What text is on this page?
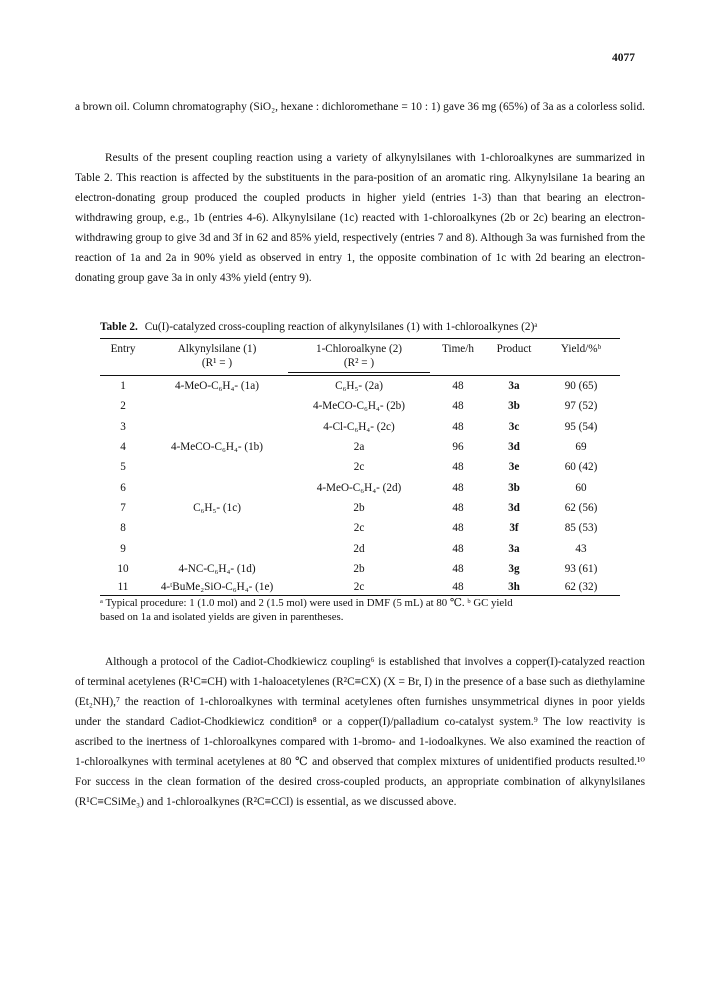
4077

a brown oil. Column chromatography (SiO₂, hexane : dichloromethane = 10 : 1) gave 36 mg (65%) of 3a as a colorless solid.

Results of the present coupling reaction using a variety of alkynylsilanes with 1-chloroalkynes are summarized in Table 2. This reaction is affected by the substituents in the para-position of an aromatic ring. Alkynylsilane 1a bearing an electron-donating group produced the coupled products in higher yield (entries 1-3) than that bearing an electron-withdrawing group, e.g., 1b (entries 4-6). Alkynylsilane (1c) reacted with 1-chloroalkynes (2b or 2c) bearing an electron-withdrawing group to give 3d and 3f in 62 and 85% yield, respectively (entries 7 and 8). Although 3a was furnished from the reaction of 1a and 2a in 90% yield as observed in entry 1, the opposite combination of 1c with 2d bearing an electron-donating group gave 3a in only 43% yield (entry 9).

Table 2. Cu(I)-catalyzed cross-coupling reaction of alkynylsilanes (1) with 1-chloroalkynes (2)ᵃ
Entry	Alkynylsilane (1)	1-Chloroalkyne (2)	Time/h	Product	Yield/%ᵇ
	(R¹ = )	(R² = )			

1	4-MeO-C₆H₄- (1a)	C₆H₅- (2a)	48	3a	90 (65)
2		4-MeCO-C₆H₄- (2b)	48	3b	97 (52)
3		4-Cl-C₆H₄- (2c)	48	3c	95 (54)
4	4-MeCO-C₆H₄- (1b)	2a	96	3d	69
5		2c	48	3e	60 (42)
6		4-MeO-C₆H₄- (2d)	48	3b	60
7	C₆H₅- (1c)	2b	48	3d	62 (56)
8		2c	48	3f	85 (53)
9		2d	48	3a	43
10	4-NC-C₆H₄- (1d)	2b	48	3g	93 (61)
11	4-ᵗBuMe₂SiO-C₆H₄- (1e)	2c	48	3h	62 (32)
ᵃ Typical procedure: 1 (1.0 mol) and 2 (1.5 mol) were used in DMF (5 mL) at 80 ℃. ᵇ GC yield
based on 1a and isolated yields are given in parentheses.

Although a protocol of the Cadiot-Chodkiewicz coupling⁶ is established that involves a copper(I)-catalyzed reaction of terminal acetylenes (R¹C≡CH) with 1-haloacetylenes (R²C≡CX) (X = Br, I) in the presence of a base such as diethylamine (Et₂NH),⁷ the reaction of 1-chloroalkynes with terminal acetylenes often furnishes unsymmetrical diynes in poor yields under the standard Cadiot-Chodkiewicz condition⁸ or a copper(I)/palladium co-catalyst system.⁹ The low reactivity is ascribed to the inertness of 1-chloroalkynes compared with 1-bromo- and 1-iodoalkynes. We also examined the reaction of 1-chloroalkynes with terminal acetylenes at 80 ℃ and observed that complex mixtures of unidentified products resulted.¹⁰ For success in the clean formation of the desired cross-coupled products, an appropriate combination of alkynylsilanes (R¹C≡CSiMe₃) and 1-chloroalkynes (R²C≡CCl) is essential, as we discussed above.
